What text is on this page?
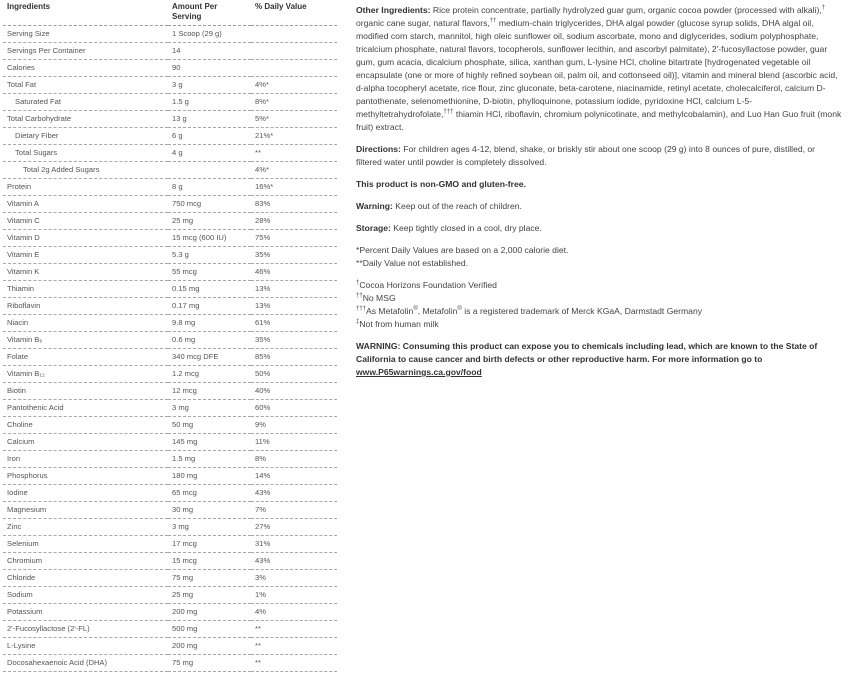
Ingredients	Amount Per Serving	% Daily Value
Serving Size	1 Scoop (29 g)	
Servings Per Container	14	
Calories	90	
Total Fat	3 g	4%*
Saturated Fat	1.5 g	8%*
Total Carbohydrate	13 g	5%*
Dietary Fiber	6 g	21%*
Total Sugars	4 g	**
Total 2g Added Sugars		4%*
Protein	8 g	16%*
Vitamin A	750 mcg	83%
Vitamin C	25 mg	28%
Vitamin D	15 mcg (600 IU)	75%
Vitamin E	5.3 g	35%
Vitamin K	55 mcg	46%
Thiamin	0.15 mg	13%
Riboflavin	0.17 mg	13%
Niacin	9.8 mg	61%
Vitamin B₆	0.6 mg	35%
Folate	340 mcg DFE	85%
Vitamin B₁₂	1.2 mcg	50%
Biotin	12 mcg	40%
Pantothenic Acid	3 mg	60%
Choline	50 mg	9%
Calcium	145 mg	11%
Iron	1.5 mg	8%
Phosphorus	180 mg	14%
Iodine	65 mcg	43%
Magnesium	30 mg	7%
Zinc	3 mg	27%
Selenium	17 mcg	31%
Chromium	15 mcg	43%
Chloride	75 mg	3%
Sodium	25 mg	1%
Potassium	200 mg	4%
2'-Fucosyllactose (2'-FL)	500 mg	**
L-Lysine	200 mg	**
Docosahexaenoic Acid (DHA)	75 mg	**

Other Ingredients: Rice protein concentrate, partially hydrolyzed guar gum, organic cocoa powder (processed with alkali),† organic cane sugar, natural flavors,†† medium-chain triglycerides, DHA algal powder (glucose syrup solids, DHA algal oil, modified corn starch, mannitol, high oleic sunflower oil, sodium ascorbate, mono and diglycerides, sodium polyphosphate, tricalcium phosphate, natural flavors, tocopherols, sunflower lecithin, and ascorbyl palmitate), 2'-fucosyllactose powder, guar gum, gum acacia, dicalcium phosphate, silica, xanthan gum, L-lysine HCl, choline bitartrate [hydrogenated vegetable oil encapsulate (one or more of highly refined soybean oil, palm oil, and cottonseed oil)], vitamin and mineral blend (ascorbic acid, d-alpha tocopheryl acetate, rice flour, zinc gluconate, beta-carotene, niacinamide, retinyl acetate, cholecalciferol, calcium D-pantothenate, selenomethionine, D-biotin, phylloquinone, potassium iodide, pyridoxine HCl, calcium L-5-methyltetrahydrofolate,††† thiamin HCl, riboflavin, chromium polynicotinate, and methylcobalamin), and Luo Han Guo fruit (monk fruit) extract.

Directions: For children ages 4-12, blend, shake, or briskly stir about one scoop (29 g) into 8 ounces of pure, distilled, or filtered water until powder is completely dissolved.

This product is non-GMO and gluten-free.

Warning: Keep out of the reach of children.

Storage: Keep tightly closed in a cool, dry place.

*Percent Daily Values are based on a 2,000 calorie diet.
**Daily Value not established.

†Cocoa Horizons Foundation Verified
††No MSG
†††As Metafolin®, Metafolin® is a registered trademark of Merck KGaA, Darmstadt Germany
‡Not from human milk

WARNING: Consuming this product can expose you to chemicals including lead, which are known to the State of California to cause cancer and birth defects or other reproductive harm. For more information go to www.P65warnings.ca.gov/food
